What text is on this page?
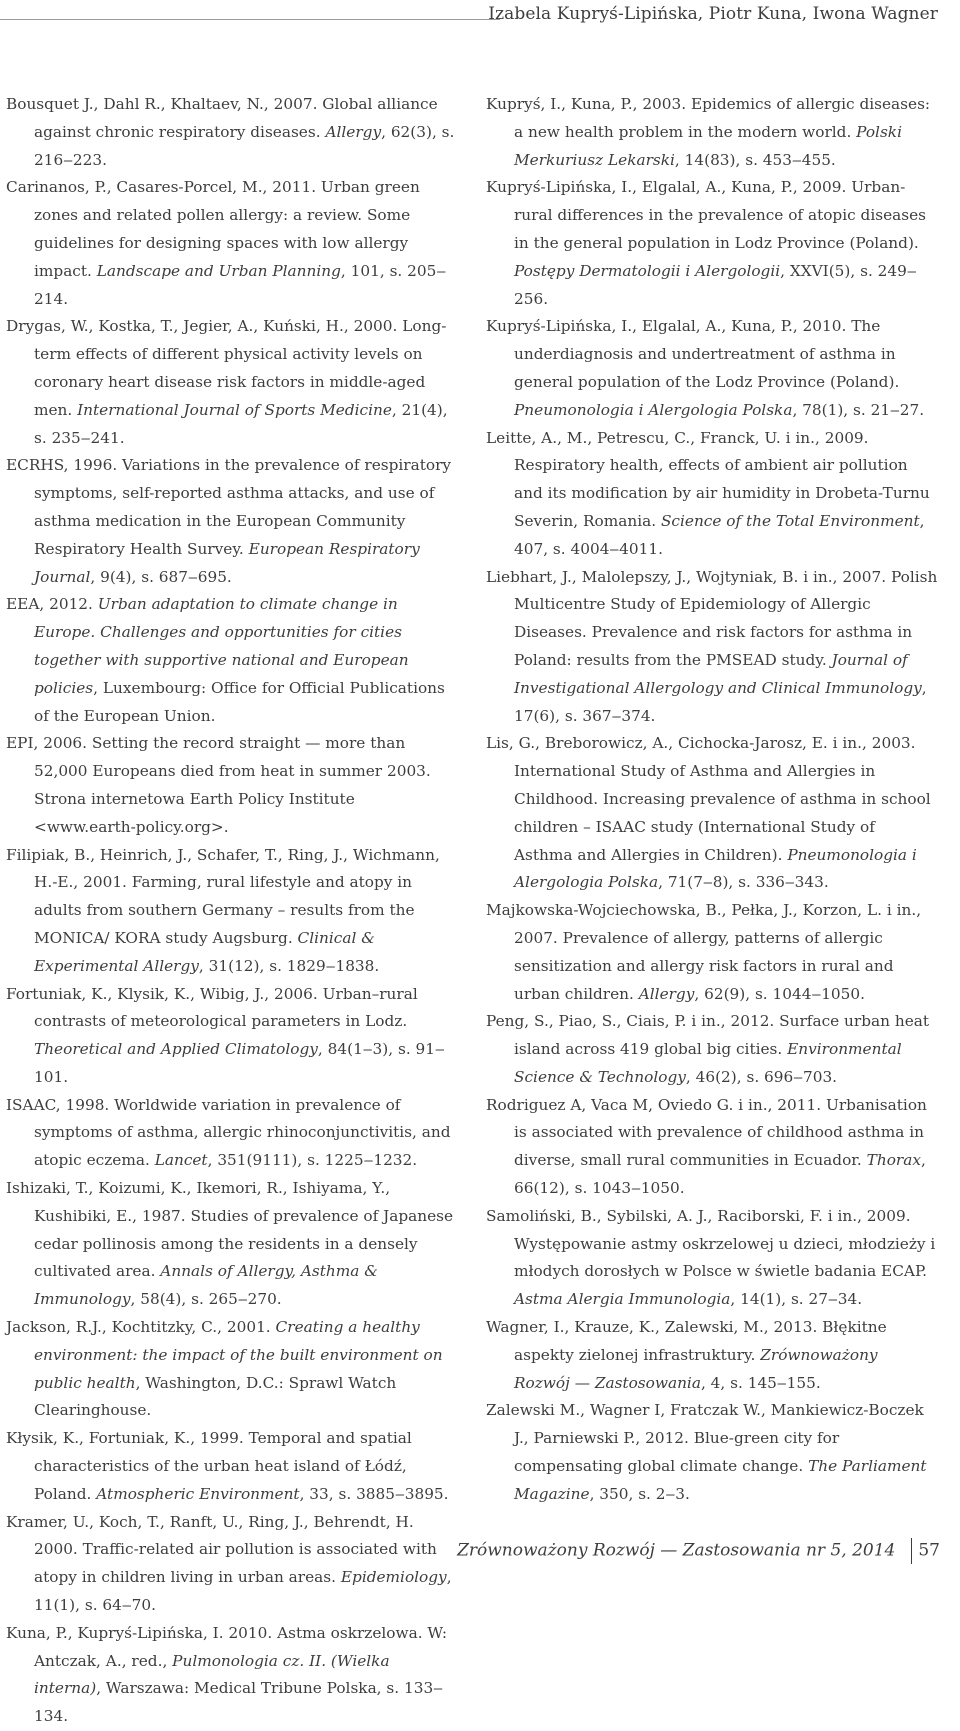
Izabela Kupryś-Lipińska, Piotr Kuna, Iwona Wagner

Bousquet J., Dahl R., Khaltaev, N., 2007. Global alliance against chronic respiratory diseases. Allergy, 62(3), s. 216‒223.

Carinanos, P., Casares-Porcel, M., 2011. Urban green zones and related pollen allergy: a review. Some guidelines for designing spaces with low allergy impact. Landscape and Urban Planning, 101, s. 205‒214.

Drygas, W., Kostka, T., Jegier, A., Kuński, H., 2000. Long-term effects of different physical activity levels on coronary heart disease risk factors in middle-aged men. International Journal of Sports Medicine, 21(4), s. 235‒241.

ECRHS, 1996. Variations in the prevalence of respiratory symptoms, self-reported asthma attacks, and use of asthma medication in the European Community Respiratory Health Survey. European Respiratory Journal, 9(4), s. 687‒695.

EEA, 2012. Urban adaptation to climate change in Europe. Challenges and opportunities for cities together with supportive national and European policies, Luxembourg: Office for Official Publications of the European Union.

EPI, 2006. Setting the record straight — more than 52,000 Europeans died from heat in summer 2003. Strona internetowa Earth Policy Institute <www.earth-policy.org>.

Filipiak, B., Heinrich, J., Schafer, T., Ring, J., Wichmann, H.-E., 2001. Farming, rural lifestyle and atopy in adults from southern Germany – results from the MONICA/ KORA study Augsburg. Clinical & Experimental Allergy, 31(12), s. 1829‒1838.

Fortuniak, K., Klysik, K., Wibig, J., 2006. Urban–rural contrasts of meteorological parameters in Lodz. Theoretical and Applied Climatology, 84(1‒3), s. 91‒101.

ISAAC, 1998. Worldwide variation in prevalence of symptoms of asthma, allergic rhinoconjunctivitis, and atopic eczema. Lancet, 351(9111), s. 1225‒1232.

Ishizaki, T., Koizumi, K., Ikemori, R., Ishiyama, Y., Kushibiki, E., 1987. Studies of prevalence of Japanese cedar pollinosis among the residents in a densely cultivated area. Annals of Allergy, Asthma & Immunology, 58(4), s. 265‒270.

Jackson, R.J., Kochtitzky, C., 2001. Creating a healthy environment: the impact of the built environment on public health, Washington, D.C.: Sprawl Watch Clearinghouse.

Kłysik, K., Fortuniak, K., 1999. Temporal and spatial characteristics of the urban heat island of Łódź, Poland. Atmospheric Environment, 33, s. 3885‒3895.

Kramer, U., Koch, T., Ranft, U., Ring, J., Behrendt, H. 2000. Traffic-related air pollution is associated with atopy in children living in urban areas. Epidemiology, 11(1), s. 64‒70.

Kuna, P., Kupryś-Lipińska, I. 2010. Astma oskrzelowa. W: Antczak, A., red., Pulmonologia cz. II. (Wielka interna), Warszawa: Medical Tribune Polska, s. 133‒134.

Kupryś, I., Kuna, P., 2003. Epidemics of allergic diseases: a new health problem in the modern world. Polski Merkuriusz Lekarski, 14(83), s. 453‒455.

Kupryś-Lipińska, I., Elgalal, A., Kuna, P., 2009. Urban-rural differences in the prevalence of atopic diseases in the general population in Lodz Province (Poland). Postępy Dermatologii i Alergologii, XXVI(5), s. 249‒256.

Kupryś-Lipińska, I., Elgalal, A., Kuna, P., 2010. The underdiagnosis and undertreatment of asthma in general population of the Lodz Province (Poland). Pneumonologia i Alergologia Polska, 78(1), s. 21‒27.

Leitte, A., M., Petrescu, C., Franck, U. i in., 2009. Respiratory health, effects of ambient air pollution and its modification by air humidity in Drobeta-Turnu Severin, Romania. Science of the Total Environment, 407, s. 4004‒4011.

Liebhart, J., Malolepszy, J., Wojtyniak, B. i in., 2007. Polish Multicentre Study of Epidemiology of Allergic Diseases. Prevalence and risk factors for asthma in Poland: results from the PMSEAD study. Journal of Investigational Allergology and Clinical Immunology, 17(6), s. 367‒374.

Lis, G., Breborowicz, A., Cichocka-Jarosz, E. i in., 2003. International Study of Asthma and Allergies in Childhood. Increasing prevalence of asthma in school children – ISAAC study (International Study of Asthma and Allergies in Children). Pneumonologia i Alergologia Polska, 71(7‒8), s. 336‒343.

Majkowska-Wojciechowska, B., Pełka, J., Korzon, L. i in., 2007. Prevalence of allergy, patterns of allergic sensitization and allergy risk factors in rural and urban children. Allergy, 62(9), s. 1044‒1050.

Peng, S., Piao, S., Ciais, P. i in., 2012. Surface urban heat island across 419 global big cities. Environmental Science & Technology, 46(2), s. 696‒703.

Rodriguez A, Vaca M, Oviedo G. i in., 2011. Urbanisation is associated with prevalence of childhood asthma in diverse, small rural communities in Ecuador. Thorax, 66(12), s. 1043‒1050.

Samoliński, B., Sybilski, A. J., Raciborski, F. i in., 2009. Występowanie astmy oskrzelowej u dzieci, młodzieży i młodych dorosłych w Polsce w świetle badania ECAP. Astma Alergia Immunologia, 14(1), s. 27‒34.

Wagner, I., Krauze, K., Zalewski, M., 2013. Błękitne aspekty zielonej infrastruktury. Zrównoważony Rozwój — Zastosowania, 4, s. 145‒155.

Zalewski M., Wagner I, Fratczak W., Mankiewicz-Boczek J., Parniewski P., 2012. Blue-green city for compensating global climate change. The Parliament Magazine, 350, s. 2‒3.

Zrównoważony Rozwój — Zastosowania nr 5, 2014 57
